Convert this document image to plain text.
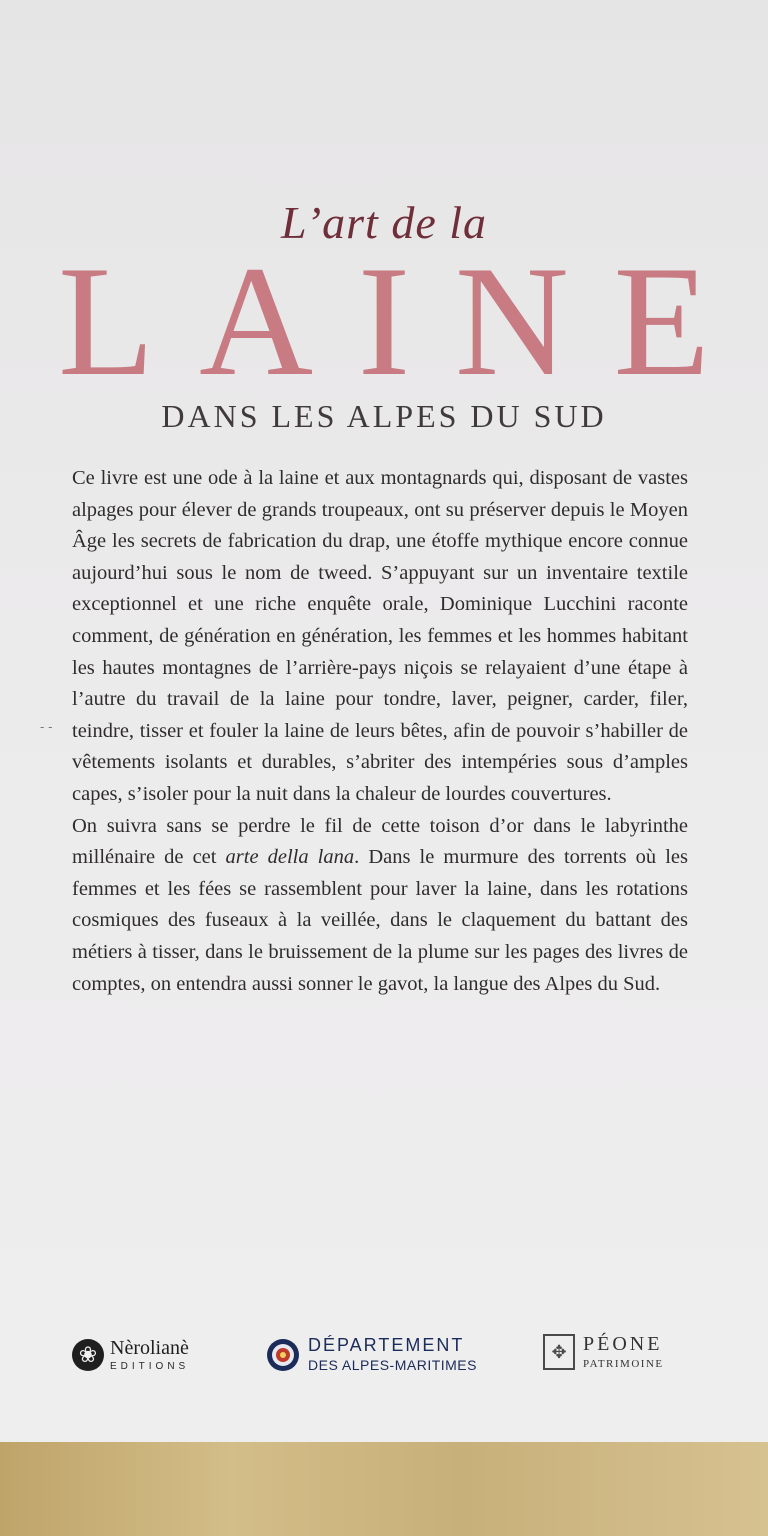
L’art de la
L A I N E
DANS LES ALPES DU SUD
- -

Ce livre est une ode à la laine et aux montagnards qui, disposant de vastes alpages pour élever de grands troupeaux, ont su préserver depuis le Moyen Âge les secrets de fabrication du drap, une étoffe mythique encore connue aujourd’hui sous le nom de tweed. S’appuyant sur un inventaire textile exceptionnel et une riche enquête orale, Dominique Lucchini raconte comment, de génération en génération, les femmes et les hommes habitant les hautes montagnes de l’arrière-pays niçois se relayaient d’une étape à l’autre du travail de la laine pour tondre, laver, peigner, carder, filer, teindre, tisser et fouler la laine de leurs bêtes, afin de pouvoir s’habiller de vêtements isolants et durables, s’abriter des intempéries sous d’amples capes, s’isoler pour la nuit dans la chaleur de lourdes couvertures.

On suivra sans se perdre le fil de cette toison d’or dans le labyrinthe millénaire de cet arte della lana. Dans le murmure des torrents où les femmes et les fées se rassemblent pour laver la laine, dans les rotations cosmiques des fuseaux à la veillée, dans le claquement du battant des métiers à tisser, dans le bruissement de la plume sur les pages des livres de comptes, on entendra aussi sonner le gavot, la langue des Alpes du Sud.

❀ Nèrolianè
EDITIONS
DÉPARTEMENT
DES ALPES-MARITIMES
✥ PÉONE
PATRIMOINE
